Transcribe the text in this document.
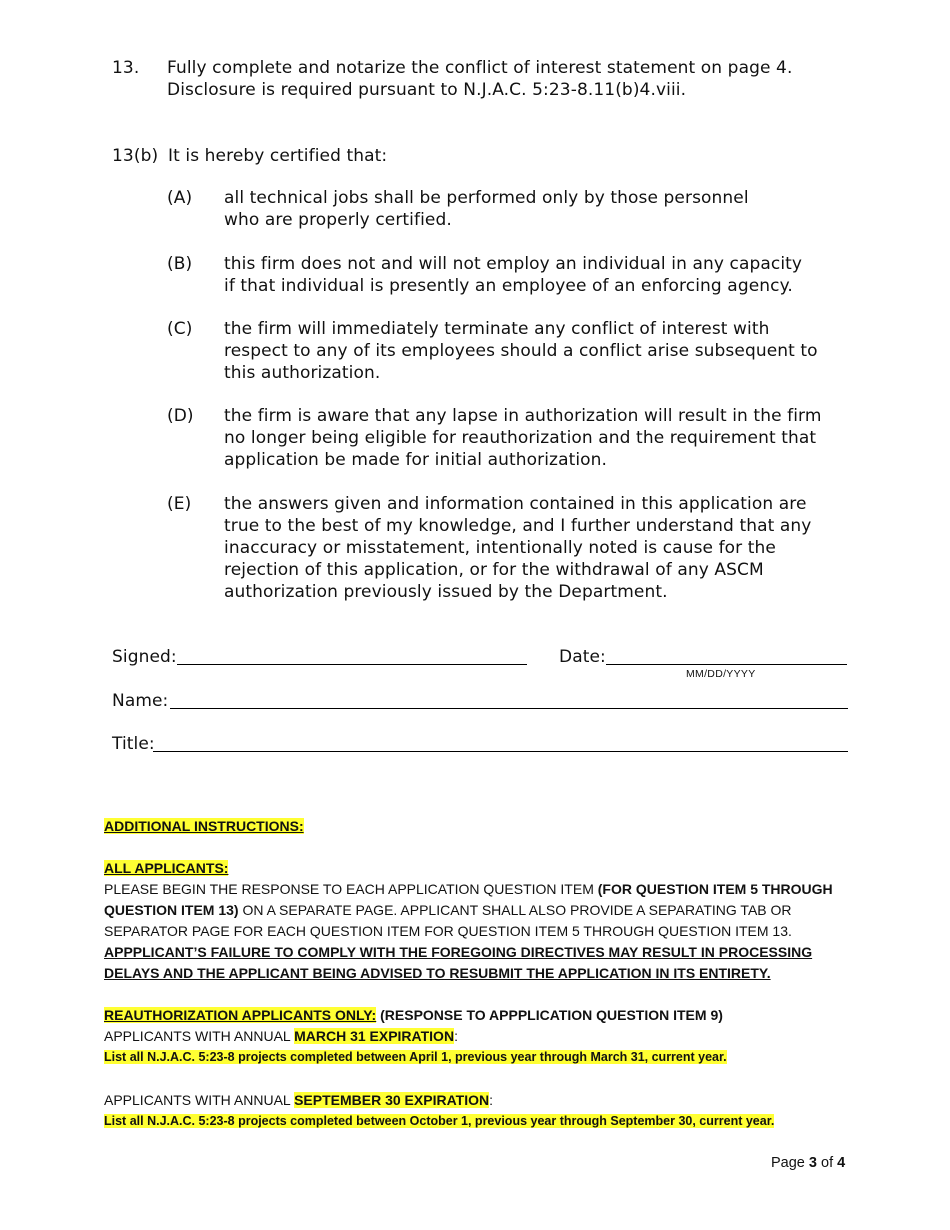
13. Fully complete and notarize the conflict of interest statement on page 4.
Disclosure is required pursuant to N.J.A.C. 5:23-8.11(b)4.viii.
13(b) It is hereby certified that:
(A) all technical jobs shall be performed only by those personnel
who are properly certified.
(B) this firm does not and will not employ an individual in any capacity
if that individual is presently an employee of an enforcing agency.
(C) the firm will immediately terminate any conflict of interest with
respect to any of its employees should a conflict arise subsequent to
this authorization.
(D) the firm is aware that any lapse in authorization will result in the firm
no longer being eligible for reauthorization and the requirement that
application be made for initial authorization.
(E) the answers given and information contained in this application are
true to the best of my knowledge, and I further understand that any
inaccuracy or misstatement, intentionally noted is cause for the
rejection of this application, or for the withdrawal of any ASCM
authorization previously issued by the Department.
Signed:	Date:
MM/DD/YYYY
Name:
Title:
ADDITIONAL INSTRUCTIONS:
ALL APPLICANTS:
PLEASE BEGIN THE RESPONSE TO EACH APPLICATION QUESTION ITEM (FOR QUESTION ITEM 5 THROUGH QUESTION ITEM 13) ON A SEPARATE PAGE. APPLICANT SHALL ALSO PROVIDE A SEPARATING TAB OR SEPARATOR PAGE FOR EACH QUESTION ITEM FOR QUESTION ITEM 5 THROUGH QUESTION ITEM 13.
APPPLICANT’S FAILURE TO COMPLY WITH THE FOREGOING DIRECTIVES MAY RESULT IN PROCESSING DELAYS AND THE APPLICANT BEING ADVISED TO RESUBMIT THE APPLICATION IN ITS ENTIRETY.
REAUTHORIZATION APPLICANTS ONLY: (RESPONSE TO APPPLICATION QUESTION ITEM 9)
APPLICANTS WITH ANNUAL MARCH 31 EXPIRATION:
List all N.J.A.C. 5:23-8 projects completed between April 1, previous year through March 31, current year.
APPLICANTS WITH ANNUAL SEPTEMBER 30 EXPIRATION:
List all N.J.A.C. 5:23-8 projects completed between October 1, previous year through September 30, current year.
Page 3 of 4
